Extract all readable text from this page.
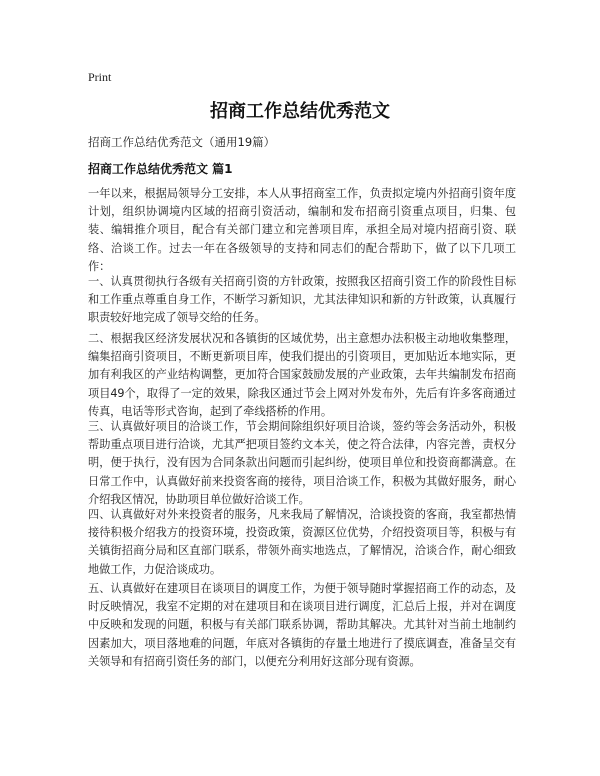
Print
招商工作总结优秀范文
招商工作总结优秀范文（通用19篇）
招商工作总结优秀范文 篇1

一年以来，根据局领导分工安排，本人从事招商室工作，负责拟定境内外招商引资年度计划，组织协调境内区域的招商引资活动，编制和发布招商引资重点项目，归集、包装、编辑推介项目，配合有关部门建立和完善项目库，承担全局对境内招商引资、联络、洽谈工作。过去一年在各级领导的支持和同志们的配合帮助下，做了以下几项工作：

一、认真贯彻执行各级有关招商引资的方针政策，按照我区招商引资工作的阶段性目标和工作重点尊重自身工作，不断学习新知识，尤其法律知识和新的方针政策，认真履行职责较好地完成了领导交给的任务。

二、根据我区经济发展状况和各镇街的区域优势，出主意想办法积极主动地收集整理，编集招商引资项目，不断更新项目库，使我们提出的引资项目，更加贴近本地实际，更加有利我区的产业结构调整，更加符合国家鼓励发展的产业政策，去年共编制发布招商项目49个，取得了一定的效果，除我区通过节会上网对外发布外，先后有许多客商通过传真，电话等形式咨询，起到了牵线搭桥的作用。

三、认真做好项目的洽谈工作，节会期间除组织好项目洽谈，签约等会务活动外，积极帮助重点项目进行洽谈，尤其严把项目签约文本关，使之符合法律，内容完善，责权分明，便于执行，没有因为合同条款出问题而引起纠纷，使项目单位和投资商都满意。在日常工作中，认真做好前来投资客商的接待，项目洽谈工作，积极为其做好服务，耐心介绍我区情况，协助项目单位做好洽谈工作。

四、认真做好对外来投资者的服务，凡来我局了解情况，洽谈投资的客商，我室都热情接待积极介绍我方的投资环境，投资政策，资源区位优势，介绍投资项目等，积极与有关镇街招商分局和区直部门联系，带领外商实地选点，了解情况，洽谈合作，耐心细致地做工作，力促洽谈成功。

五、认真做好在建项目在谈项目的调度工作，为便于领导随时掌握招商工作的动态，及时反映情况，我室不定期的对在建项目和在谈项目进行调度，汇总后上报，并对在调度中反映和发现的问题，积极与有关部门联系协调，帮助其解决。尤其针对当前土地制约因素加大，项目落地难的问题，年底对各镇街的存量土地进行了摸底调查，准备呈交有关领导和有招商引资任务的部门，以便充分利用好这部分现有资源。
